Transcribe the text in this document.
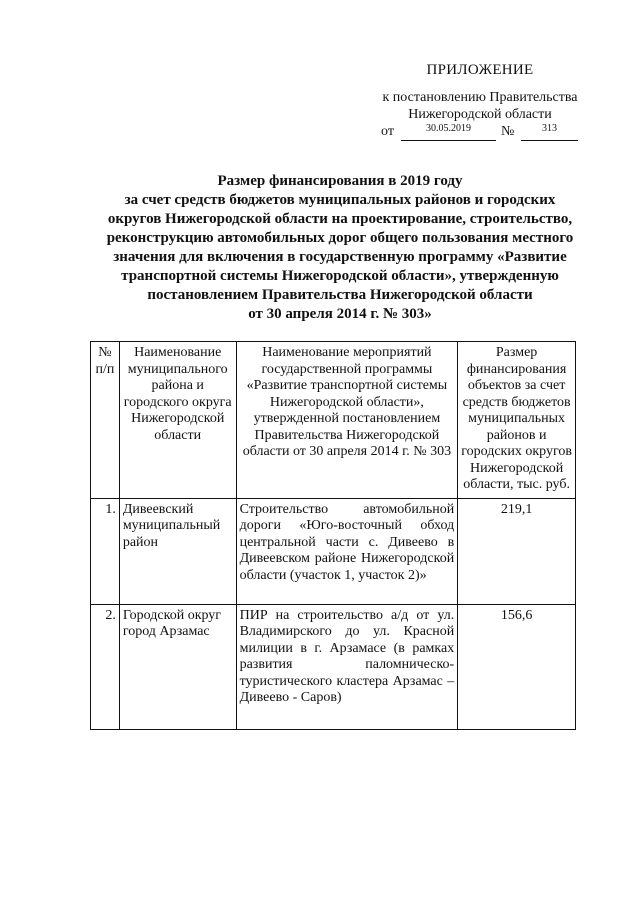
ПРИЛОЖЕНИЕ
к постановлению Правительства
Нижегородской области
от	30.05.2019	№	313
Размер финансирования в 2019 году
за счет средств бюджетов муниципальных районов и городских
округов Нижегородской области на проектирование, строительство,
реконструкцию автомобильных дорог общего пользования местного
значения для включения в государственную программу «Развитие
транспортной системы Нижегородской области», утвержденную
постановлением Правительства Нижегородской области
от 30 апреля 2014 г. № 303»
№ п/п	Наименование муниципального района и городского округа Нижегородской области	Наименование мероприятий государственной программы «Развитие транспортной системы Нижегородской области», утвержденной постановлением Правительства Нижегородской области от 30 апреля 2014 г. № 303	Размер финансирования объектов за счет средств бюджетов муниципальных районов и городских округов Нижегородской области, тыс. руб.
1.	Дивеевский муниципальный район	Строительство автомобильной дороги «Юго-восточный обход центральной части с. Дивеево в Дивеевском районе Нижегородской области (участок 1, участок 2)»	219,1
2.	Городской округ город Арзамас	ПИР на строительство а/д от ул. Владимирского до ул. Красной милиции в г. Арзамасе (в рамках развития паломническо-туристического кластера Арзамас – Дивеево - Саров)	156,6
